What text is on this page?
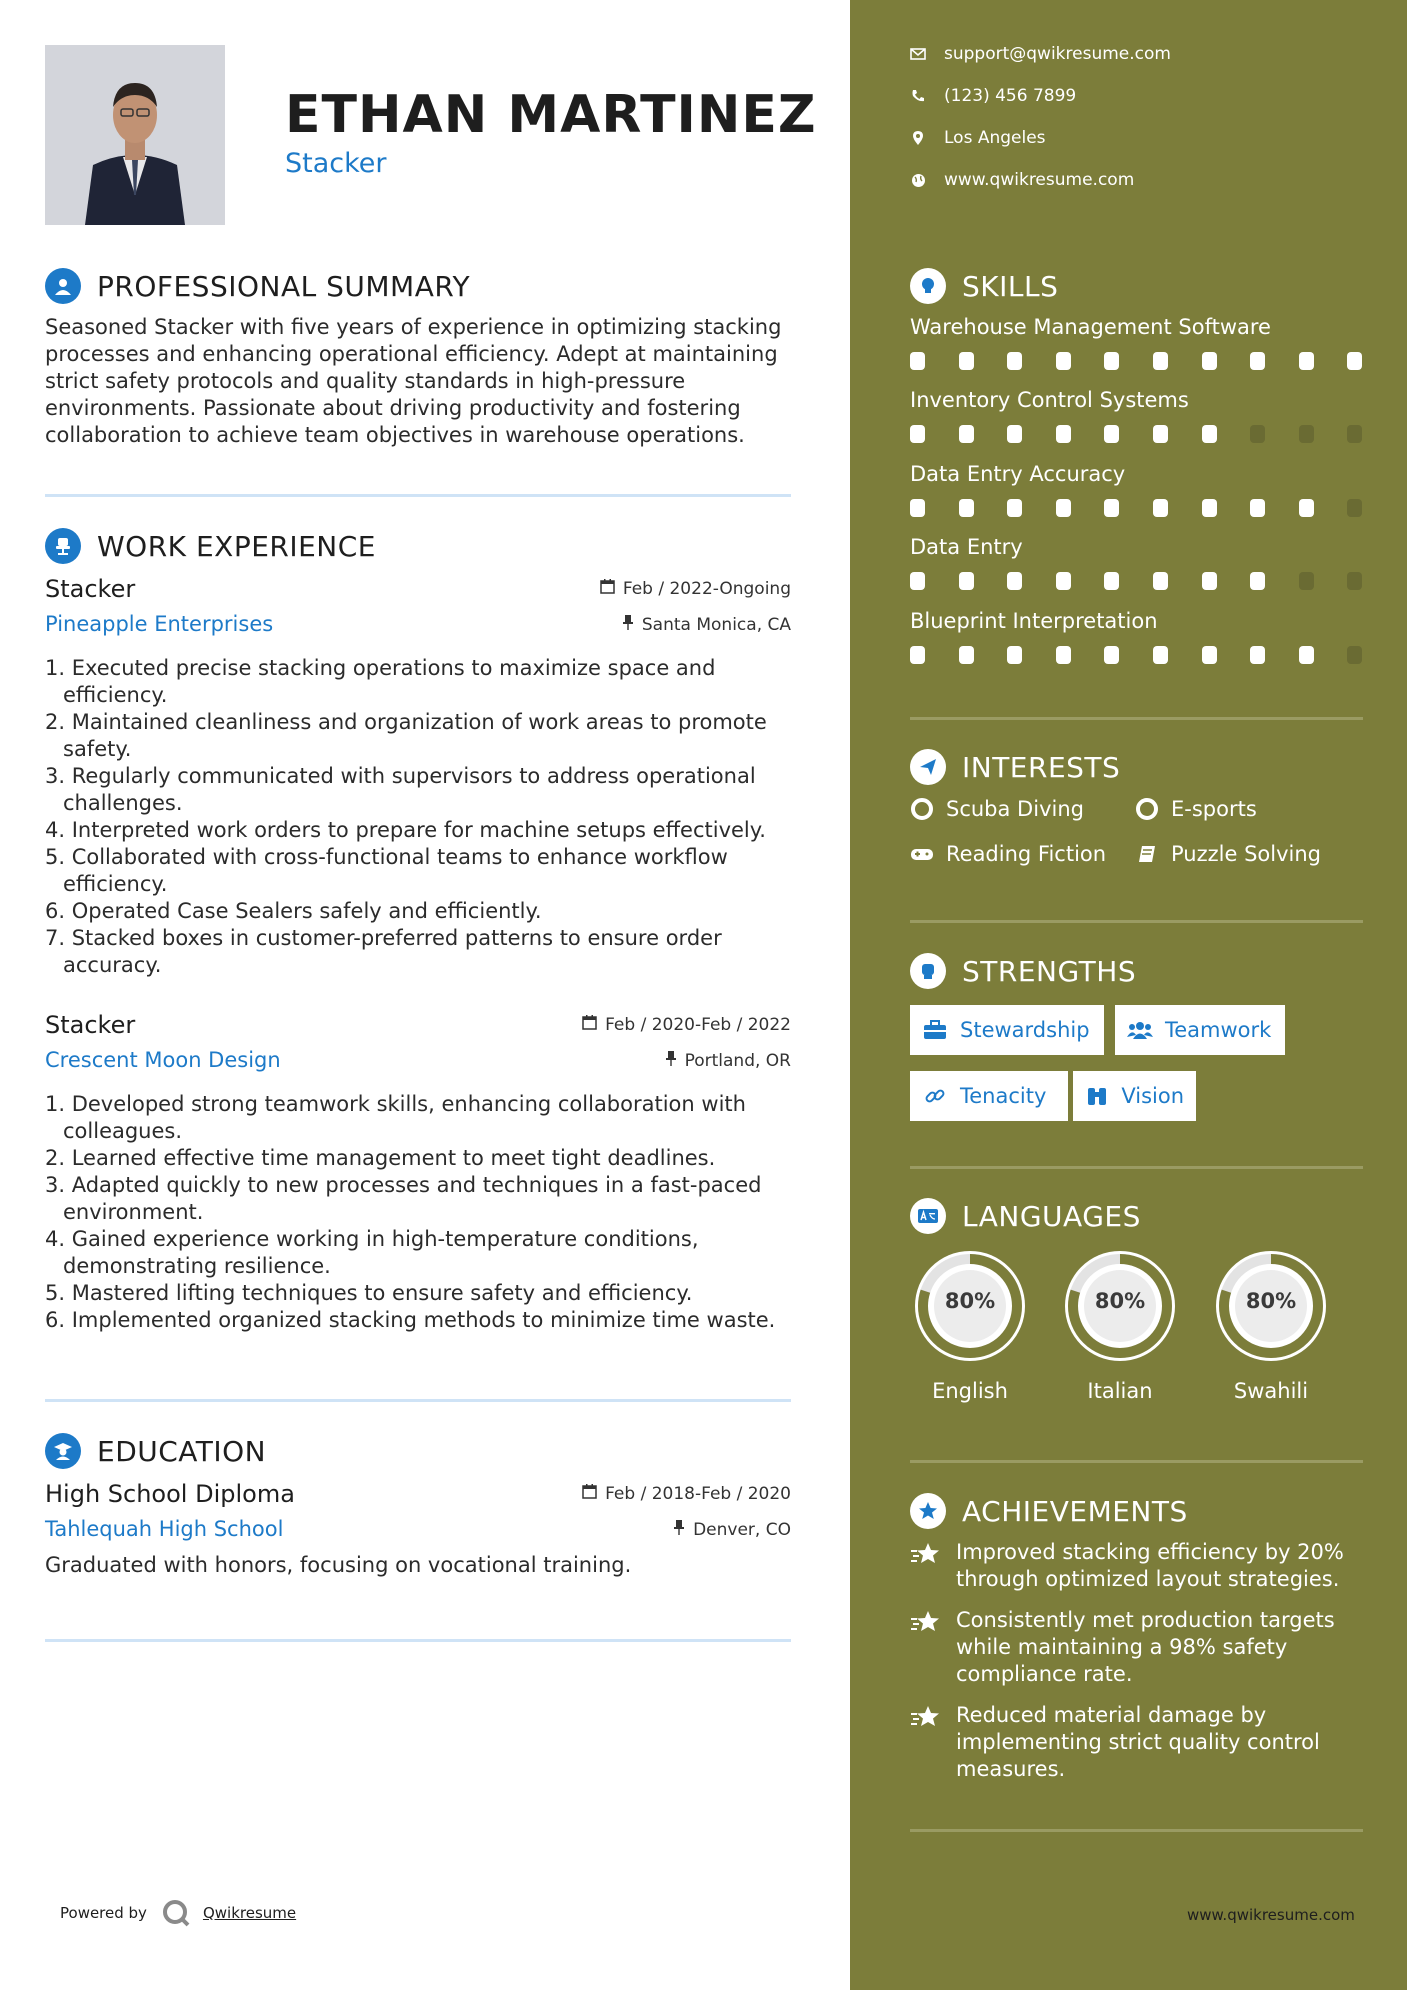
ETHAN MARTINEZ
Stacker
PROFESSIONAL SUMMARY
Seasoned Stacker with five years of experience in optimizing stacking processes and enhancing operational efficiency. Adept at maintaining strict safety protocols and quality standards in high-pressure environments. Passionate about driving productivity and fostering collaboration to achieve team objectives in warehouse operations.
WORK EXPERIENCE
Stacker	Feb / 2022-Ongoing
Pineapple Enterprises	Santa Monica, CA
1. Executed precise stacking operations to maximize space and efficiency.
2. Maintained cleanliness and organization of work areas to promote safety.
3. Regularly communicated with supervisors to address operational challenges.
4. Interpreted work orders to prepare for machine setups effectively.
5. Collaborated with cross-functional teams to enhance workflow efficiency.
6. Operated Case Sealers safely and efficiently.
7. Stacked boxes in customer-preferred patterns to ensure order accuracy.
Stacker	Feb / 2020-Feb / 2022
Crescent Moon Design	Portland, OR
1. Developed strong teamwork skills, enhancing collaboration with colleagues.
2. Learned effective time management to meet tight deadlines.
3. Adapted quickly to new processes and techniques in a fast-paced environment.
4. Gained experience working in high-temperature conditions, demonstrating resilience.
5. Mastered lifting techniques to ensure safety and efficiency.
6. Implemented organized stacking methods to minimize time waste.
EDUCATION
High School Diploma	Feb / 2018-Feb / 2020
Tahlequah High School	Denver, CO
Graduated with honors, focusing on vocational training.
Powered by	Qwikresume
support@qwikresume.com
(123) 456 7899
Los Angeles
www.qwikresume.com
SKILLS
Warehouse Management Software
Inventory Control Systems
Data Entry Accuracy
Data Entry
Blueprint Interpretation
INTERESTS
Scuba Diving	E-sports
Reading Fiction	Puzzle Solving
STRENGTHS
Stewardship	Teamwork
Tenacity	Vision
LANGUAGES
80%
English
80%
Italian
80%
Swahili
ACHIEVEMENTS
Improved stacking efficiency by 20% through optimized layout strategies.
Consistently met production targets while maintaining a 98% safety compliance rate.
Reduced material damage by implementing strict quality control measures.
www.qwikresume.com
